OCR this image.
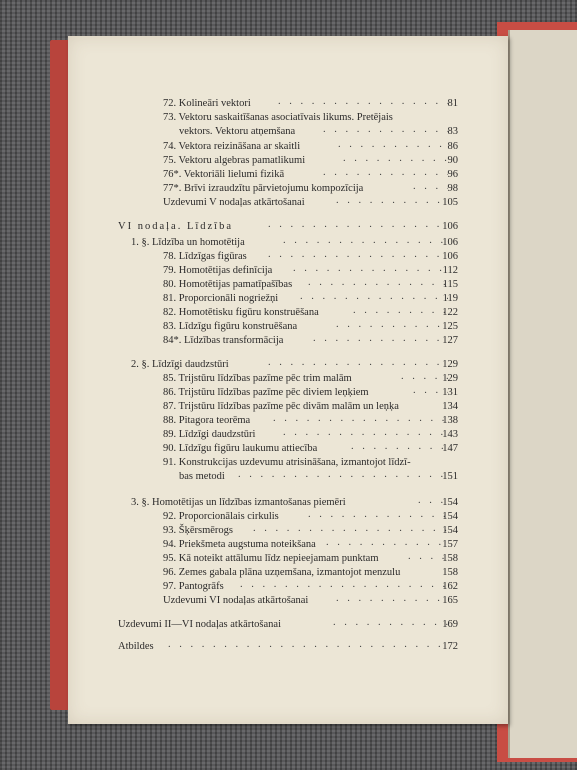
72. Kolineāri vektori . . .	81
73. Vektoru saskaitīšanas asociatīvais likums. Pretējais
vektors. Vektoru atņemšana . . .	83
74. Vektora reizināšana ar skaitli . . .	86
75. Vektoru algebras pamatlikumi . . .	90
76*. Vektoriāli lielumi fizikā . . .	96
77*. Brīvi izraudzītu pārvietojumu kompozīcija . . .	98
Uzdevumi V nodaļas atkārtošanai . . .	105
VI nodaļa. Līdzība . . .	106
1. §. Līdzība un homotētija . . .	106
78. Līdzīgas figūras . . .	106
79. Homotētijas definīcija . . .	112
80. Homotētijas pamatīpašības . . .	115
81. Proporcionāli nogriežņi . . .	119
82. Homotētisku figūru konstruēšana . . .	122
83. Līdzīgu figūru konstruēšana . . .	125
84*. Līdzības transformācija . . .	127
2. §. Līdzīgi daudzstūri . . .	129
85. Trijstūru līdzības pazīme pēc trim malām . . .	129
86. Trijstūru līdzības pazīme pēc diviem leņķiem . . .	131
87. Trijstūru līdzības pazīme pēc divām malām un leņķa	134
88. Pitagora teorēma . . .	138
89. Līdzīgi daudzstūri . . .	143
90. Līdzīgu figūru laukumu attiecība . . .	147
91. Konstrukcijas uzdevumu atrisināšana, izmantojot līdzī-
bas metodi . . .	151
3. §. Homotētijas un līdzības izmantošanas piemēri . . .	154
92. Proporcionālais cirkulis . . .	154
93. Šķērsmērogs . . .	154
94. Priekšmeta augstuma noteikšana . . .	157
95. Kā noteikt attālumu līdz nepieejamam punktam . . .	158
96. Zemes gabala plāna uzņemšana, izmantojot menzulu	158
97. Pantogrāfs . . .	162
Uzdevumi VI nodaļas atkārtošanai . . .	165
Uzdevumi II—VI nodaļas atkārtošanai . . .	169
Atbildes . . .	172
